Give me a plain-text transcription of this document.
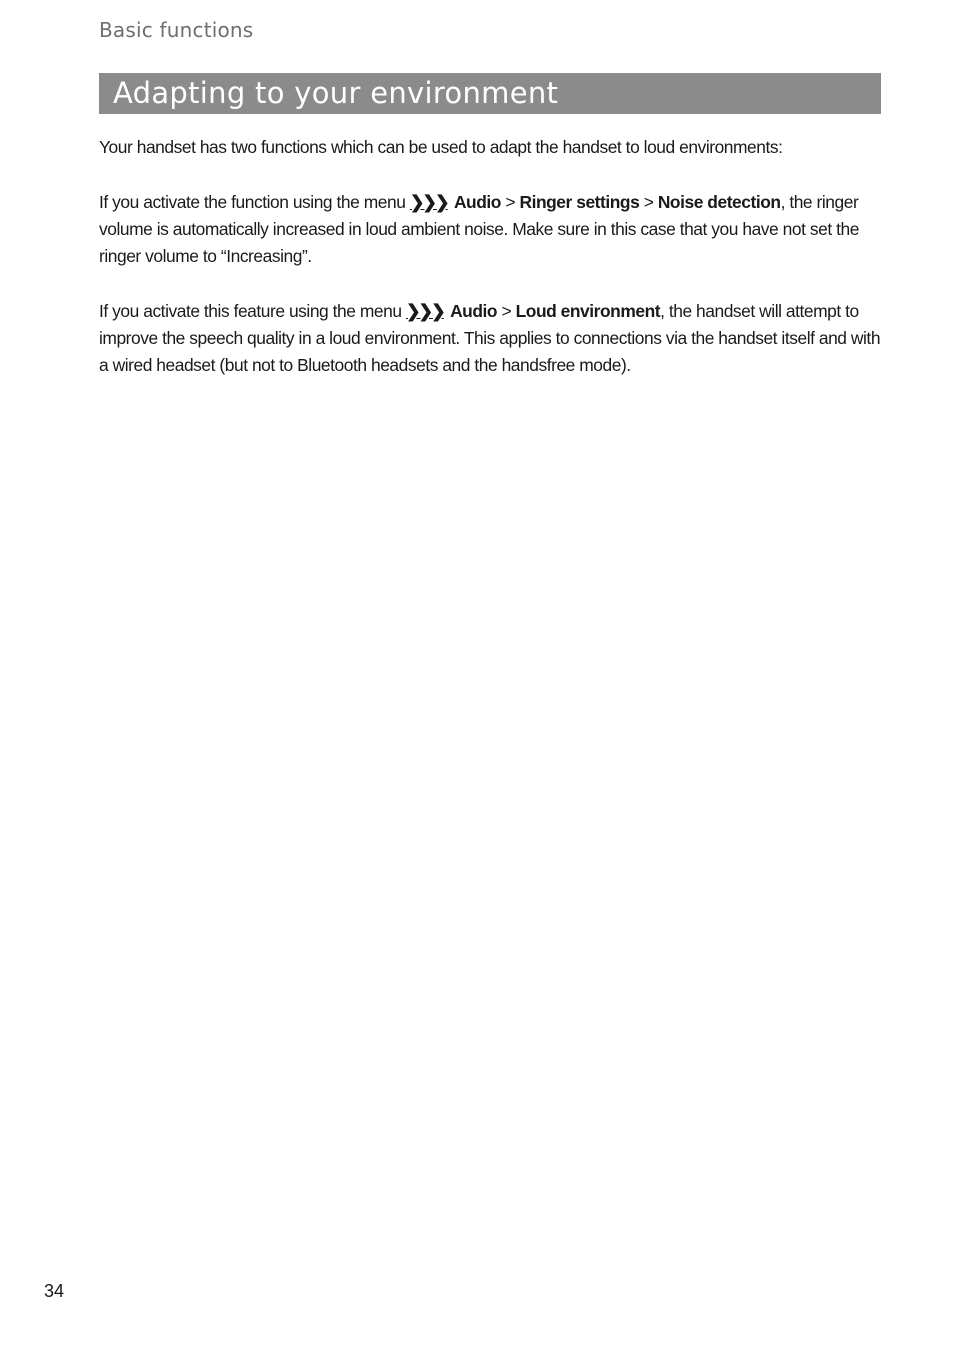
Basic functions
Adapting to your environment

Your handset has two functions which can be used to adapt the handset to loud environments:

If you activate the function using the menu ❯❯❯ Audio > Ringer settings > Noise detection, the ringer volume is automatically increased in loud ambient noise. Make sure in this case that you have not set the ringer volume to “Increasing”.

If you activate this feature using the menu ❯❯❯ Audio > Loud environment, the handset will attempt to improve the speech quality in a loud environment. This applies to connections via the handset itself and with a wired headset (but not to Bluetooth headsets and the handsfree mode).

34
